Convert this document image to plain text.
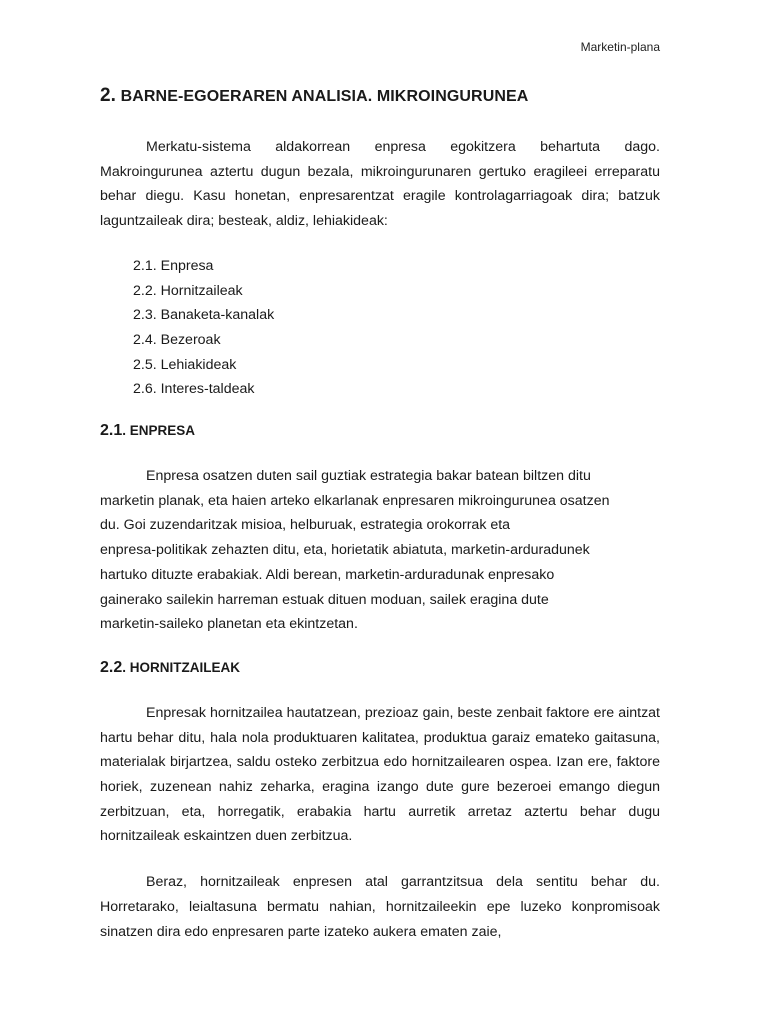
Marketin-plana
2. BARNE-EGOERAREN ANALISIA. MIKROINGURUNEA

Merkatu-sistema aldakorrean enpresa egokitzera behartuta dago. Makroingurunea aztertu dugun bezala, mikroingurunaren gertuko eragileei erreparatu behar diegu. Kasu honetan, enpresarentzat eragile kontrolagarriagoak dira; batzuk laguntzaileak dira; besteak, aldiz, lehiakideak:

2.1. Enpresa
2.2. Hornitzaileak
2.3. Banaketa-kanalak
2.4. Bezeroak
2.5. Lehiakideak
2.6. Interes-taldeak
2.1. ENPRESA
Enpresa osatzen duten sail guztiak estrategia bakar batean biltzen ditu
marketin planak, eta haien arteko elkarlanak enpresaren mikroingurunea osatzen
du. Goi zuzendaritzak misioa, helburuak, estrategia orokorrak eta
enpresa-politikak zehazten ditu, eta, horietatik abiatuta, marketin-arduradunek
hartuko dituzte erabakiak. Aldi berean, marketin-arduradunak enpresako
gainerako sailekin harreman estuak dituen moduan, sailek eragina dute
marketin-saileko planetan eta ekintzetan.
2.2. HORNITZAILEAK

Enpresak hornitzailea hautatzean, prezioaz gain, beste zenbait faktore ere aintzat hartu behar ditu, hala nola produktuaren kalitatea, produktua garaiz emateko gaitasuna, materialak birjartzea, saldu osteko zerbitzua edo hornitzailearen ospea. Izan ere, faktore horiek, zuzenean nahiz zeharka, eragina izango dute gure bezeroei emango diegun zerbitzuan, eta, horregatik, erabakia hartu aurretik arretaz aztertu behar dugu hornitzaileak eskaintzen duen zerbitzua.

Beraz, hornitzaileak enpresen atal garrantzitsua dela sentitu behar du. Horretarako, leialtasuna bermatu nahian, hornitzaileekin epe luzeko konpromisoak sinatzen dira edo enpresaren parte izateko aukera ematen zaie,
